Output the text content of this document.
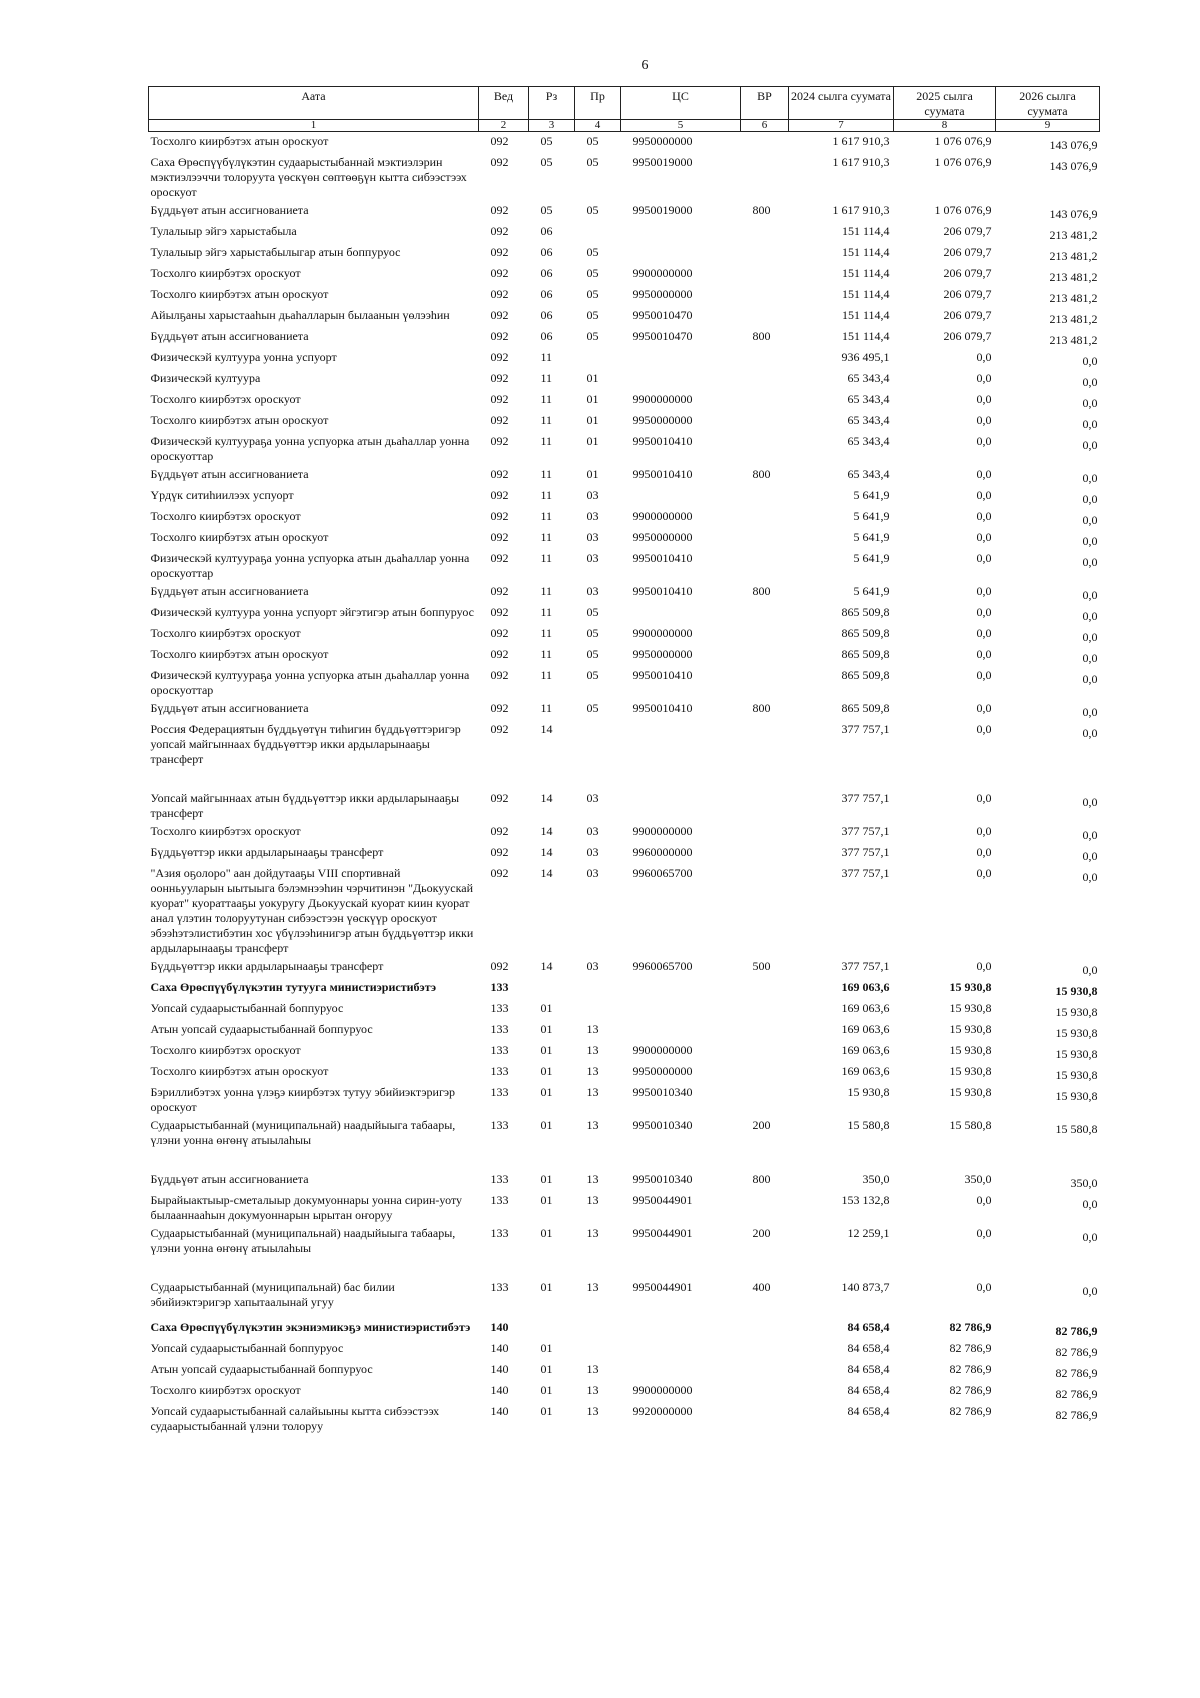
6
Аата	Вед	Рз	Пр	ЦС	ВР	2024 сылга суумата	2025 сылга суумата	2026 сылга суумата
1	2	3	4	5	6	7	8	9
Тосхолго киирбэтэх атын ороскуот	092	05	05	9950000000		1 617 910,3	1 076 076,9	143 076,9
Саха Өрөспүүбүлүкэтин судаарыстыбаннай мэктиэлэрин мэктиэлээччи толоруута үөскүөн сөптөөҕүн кытта сибээстээх ороскуот	092	05	05	9950019000		1 617 910,3	1 076 076,9	143 076,9
Бүддьүөт атын ассигнованиета	092	05	05	9950019000	800	1 617 910,3	1 076 076,9	143 076,9
Тулалыыр эйгэ харыстабыла	092	06				151 114,4	206 079,7	213 481,2
Тулалыыр эйгэ харыстабылыгар атын боппуруос	092	06	05			151 114,4	206 079,7	213 481,2
Тосхолго киирбэтэх ороскуот	092	06	05	9900000000		151 114,4	206 079,7	213 481,2
Тосхолго киирбэтэх атын ороскуот	092	06	05	9950000000		151 114,4	206 079,7	213 481,2
Айылҕаны харыстааһын дьаһалларын былаанын үөлээһин	092	06	05	9950010470		151 114,4	206 079,7	213 481,2
Бүддьүөт атын ассигнованиета	092	06	05	9950010470	800	151 114,4	206 079,7	213 481,2
Физическэй култуура уонна успуорт	092	11				936 495,1	0,0	0,0
Физическэй култуура	092	11	01			65 343,4	0,0	0,0
Тосхолго киирбэтэх ороскуот	092	11	01	9900000000		65 343,4	0,0	0,0
Тосхолго киирбэтэх атын ороскуот	092	11	01	9950000000		65 343,4	0,0	0,0
Физическэй култуураҕа уонна успуорка атын дьаһаллар уонна ороскуоттар	092	11	01	9950010410		65 343,4	0,0	0,0
Бүддьүөт атын ассигнованиета	092	11	01	9950010410	800	65 343,4	0,0	0,0
Үрдүк ситиһиилээх успуорт	092	11	03			5 641,9	0,0	0,0
Тосхолго киирбэтэх ороскуот	092	11	03	9900000000		5 641,9	0,0	0,0
Тосхолго киирбэтэх атын ороскуот	092	11	03	9950000000		5 641,9	0,0	0,0
Физическэй култуураҕа уонна успуорка атын дьаһаллар уонна ороскуоттар	092	11	03	9950010410		5 641,9	0,0	0,0
Бүддьүөт атын ассигнованиета	092	11	03	9950010410	800	5 641,9	0,0	0,0
Физическэй култуура уонна успуорт эйгэтигэр атын боппуруос	092	11	05			865 509,8	0,0	0,0
Тосхолго киирбэтэх ороскуот	092	11	05	9900000000		865 509,8	0,0	0,0
Тосхолго киирбэтэх атын ороскуот	092	11	05	9950000000		865 509,8	0,0	0,0
Физическэй култуураҕа уонна успуорка атын дьаһаллар уонна ороскуоттар	092	11	05	9950010410		865 509,8	0,0	0,0
Бүддьүөт атын ассигнованиета	092	11	05	9950010410	800	865 509,8	0,0	0,0
Россия Федерациятын бүддьүөтүн тиһигин бүддьүөттэригэр уопсай майгыннаах бүддьүөттэр икки ардыларынааҕы трансферт	092	14				377 757,1	0,0	0,0
Уопсай майгыннаах атын бүддьүөттэр икки ардыларынааҕы трансферт	092	14	03			377 757,1	0,0	0,0
Тосхолго киирбэтэх ороскуот	092	14	03	9900000000		377 757,1	0,0	0,0
Бүддьүөттэр икки ардыларынааҕы трансферт	092	14	03	9960000000		377 757,1	0,0	0,0
"Азия оҕолоро" аан дойдутааҕы VIII спортивнай оонньууларын ыытыыга бэлэмнээһин чэрчитинэн "Дьокуускай куорат" куораттааҕы уокуругу Дьокуускай куорат киин куорат анал үлэтин толоруутунан сибээстээн үөскүүр ороскуот эбээһэтэлистибэтин хос үбүлээһинигэр атын бүддьүөттэр икки ардыларынааҕы трансферт	092	14	03	9960065700		377 757,1	0,0	0,0
Бүддьүөттэр икки ардыларынааҕы трансферт	092	14	03	9960065700	500	377 757,1	0,0	0,0
Саха Өрөспүүбүлүкэтин тутууга министиэристибэтэ	133					169 063,6	15 930,8	15 930,8
Уопсай судаарыстыбаннай боппуруос	133	01				169 063,6	15 930,8	15 930,8
Атын уопсай судаарыстыбаннай боппуруос	133	01	13			169 063,6	15 930,8	15 930,8
Тосхолго киирбэтэх ороскуот	133	01	13	9900000000		169 063,6	15 930,8	15 930,8
Тосхолго киирбэтэх атын ороскуот	133	01	13	9950000000		169 063,6	15 930,8	15 930,8
Бэриллибэтэх уонна үлэҕэ киирбэтэх тутуу эбийиэктэригэр ороскуот	133	01	13	9950010340		15 930,8	15 930,8	15 930,8
Судаарыстыбаннай (муниципальнай) наадыйыыга табаары, үлэни уонна өҥөнү атыылаһыы	133	01	13	9950010340	200	15 580,8	15 580,8	15 580,8
Бүддьүөт атын ассигнованиета	133	01	13	9950010340	800	350,0	350,0	350,0
Бырайыактыыр-сметалыыр докумуоннары уонна сирин-уоту былааннааһын докумуоннарын ырытан оҥоруу	133	01	13	9950044901		153 132,8	0,0	0,0
Судаарыстыбаннай (муниципальнай) наадыйыыга табаары, үлэни уонна өҥөнү атыылаһыы	133	01	13	9950044901	200	12 259,1	0,0	0,0
Судаарыстыбаннай (муниципальнай) бас билии эбийиэктэригэр хапытаалынай угуу	133	01	13	9950044901	400	140 873,7	0,0	0,0
Саха Өрөспүүбүлүкэтин экэниэмикэҕэ министиэристибэтэ	140					84 658,4	82 786,9	82 786,9
Уопсай судаарыстыбаннай боппуруос	140	01				84 658,4	82 786,9	82 786,9
Атын уопсай судаарыстыбаннай боппуруос	140	01	13			84 658,4	82 786,9	82 786,9
Тосхолго киирбэтэх ороскуот	140	01	13	9900000000		84 658,4	82 786,9	82 786,9
Уопсай судаарыстыбаннай салайыыны кытта сибээстээх судаарыстыбаннай үлэни толоруу	140	01	13	9920000000		84 658,4	82 786,9	82 786,9
